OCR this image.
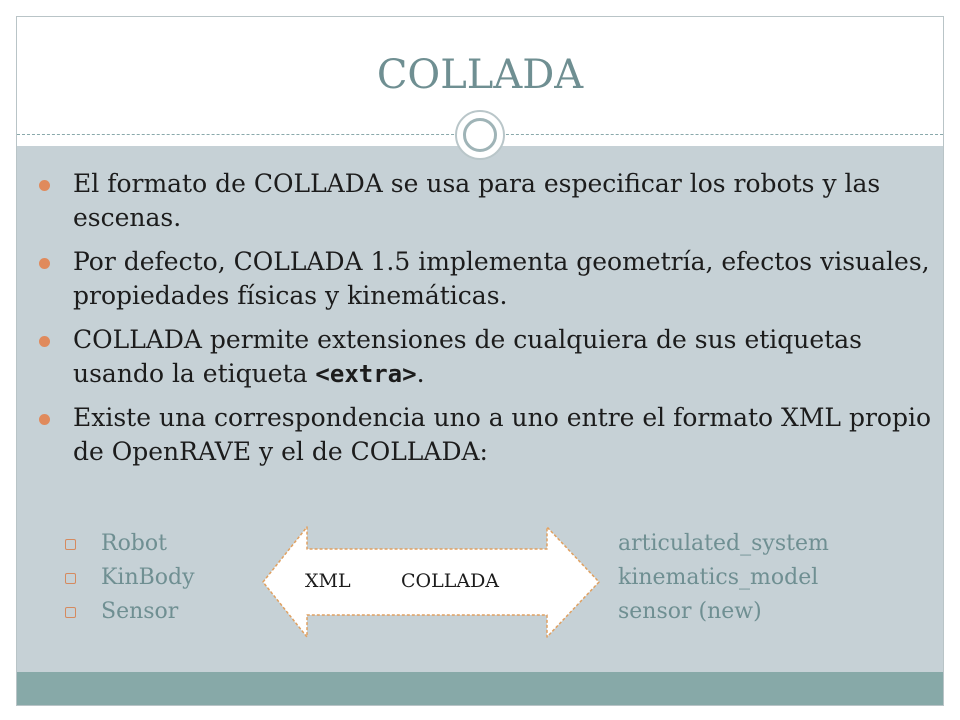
COLLADA
El formato de COLLADA se usa para especificar los robots y las escenas.
Por defecto, COLLADA 1.5 implementa geometría, efectos visuales, propiedades físicas y kinemáticas.
COLLADA permite extensiones de cualquiera de sus etiquetas usando la etiqueta <extra>.
Existe una correspondencia uno a uno entre el formato XML propio de OpenRAVE y el de COLLADA:
Robot
KinBody
Sensor
XML	COLLADA
articulated_system
kinematics_model
sensor (new)
